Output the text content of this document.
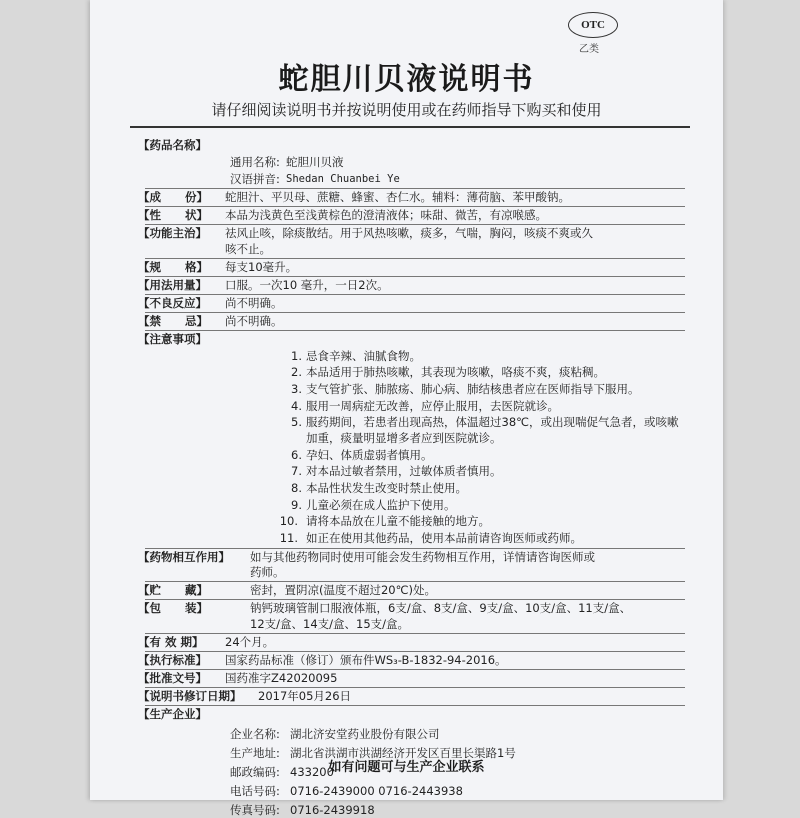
OTC
乙类
蛇胆川贝液说明书
请仔细阅读说明书并按说明使用或在药师指导下购买和使用
【药品名称】
通用名称: 蛇胆川贝液
汉语拼音: Shedan Chuanbei Ye
【成      份】 蛇胆汁、平贝母、蔗糖、蜂蜜、杏仁水。辅料：薄荷脑、苯甲酸钠。
【性      状】 本品为浅黄色至浅黄棕色的澄清液体；味甜、微苦，有凉喉感。
【功能主治】 祛风止咳，除痰散结。用于风热咳嗽，痰多，气喘，胸闷，咳痰不爽或久
咳不止。
【规      格】 每支10毫升。
【用法用量】 口服。一次10 毫升，一日2次。
【不良反应】 尚不明确。
【禁      忌】 尚不明确。
【注意事项】
1. 忌食辛辣、油腻食物。
2. 本品适用于肺热咳嗽，其表现为咳嗽，咯痰不爽，痰粘稠。
3. 支气管扩张、肺脓疡、肺心病、肺结核患者应在医师指导下服用。
4. 服用一周病症无改善，应停止服用，去医院就诊。
5. 服药期间，若患者出现高热，体温超过38℃，或出现喘促气急者，或咳嗽
加重，痰量明显增多者应到医院就诊。
6. 孕妇、体质虚弱者慎用。
7. 对本品过敏者禁用，过敏体质者慎用。
8. 本品性状发生改变时禁止使用。
9. 儿童必须在成人监护下使用。
10. 请将本品放在儿童不能接触的地方。
11. 如正在使用其他药品，使用本品前请咨询医师或药师。
【药物相互作用】 如与其他药物同时使用可能会发生药物相互作用，详情请咨询医师或
药师。
【贮      藏】	密封，置阴凉(温度不超过20℃)处。
【包      装】	钠钙玻璃管制口服液体瓶，6支/盒、8支/盒、9支/盒、10支/盒、11支/盒、
12支/盒、14支/盒、15支/盒。
【有 效 期】 24个月。
【执行标准】 国家药品标准（修订）颁布件WS₃-B-1832-94-2016。
【批准文号】 国药准字Z42020095
【说明书修订日期】 2017年05月26日
【生产企业】
企业名称: 湖北济安堂药业股份有限公司
生产地址: 湖北省洪湖市洪湖经济开发区百里长渠路1号
邮政编码: 433200
电话号码: 0716-2439000 0716-2443938
传真号码: 0716-2439918
如有问题可与生产企业联系
